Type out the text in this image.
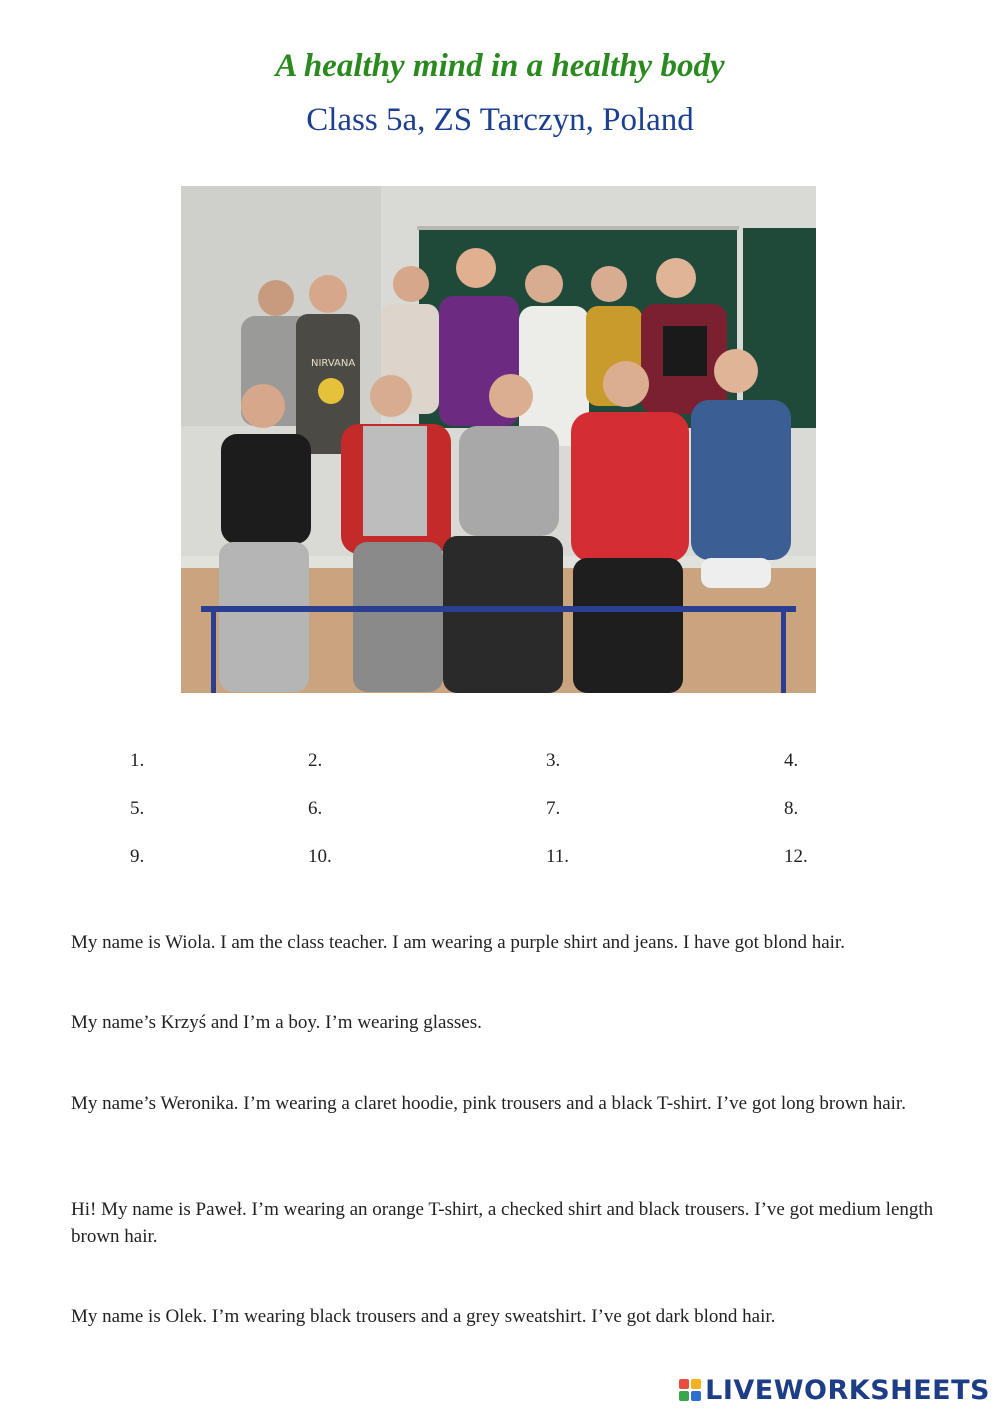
A healthy mind in a healthy body
Class 5a, ZS Tarczyn, Poland
NIRVANA
1.	2.	3.	4.
5.	6.	7.	8.
9.	10.	11.	12.
My name is Wiola. I am the class teacher. I am wearing a purple shirt and jeans. I have got blond hair.
My name’s Krzyś and I’m a boy. I’m wearing glasses.
My name’s Weronika. I’m wearing a claret hoodie, pink trousers and a black T-shirt. I’ve got long brown hair.
Hi! My name is Paweł. I’m wearing an orange T-shirt, a checked shirt and black trousers. I’ve got medium length brown hair.
My name is Olek. I’m wearing black trousers and a grey sweatshirt. I’ve got dark blond hair.
LIVEWORKSHEETS
